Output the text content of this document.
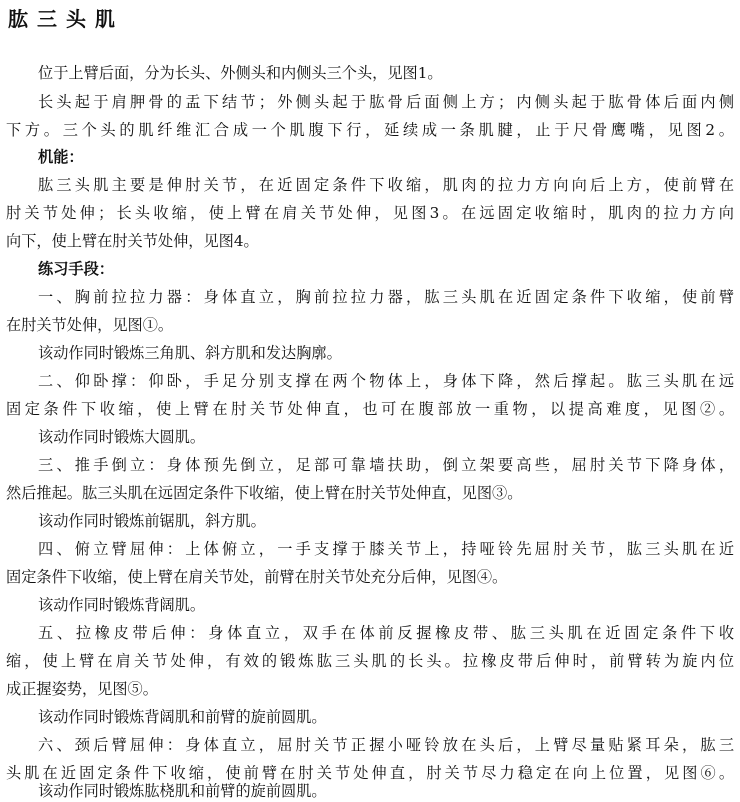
肱三头肌
位于上臂后面，分为长头、外侧头和内侧头三个头，见图1。
长头起于肩胛骨的盂下结节；外侧头起于肱骨后面侧上方；内侧头起于肱骨体后面内侧
下方。三个头的肌纤维汇合成一个肌腹下行，延续成一条肌腱，止于尺骨鹰嘴，见图2。
机能：
肱三头肌主要是伸肘关节，在近固定条件下收缩，肌肉的拉力方向向后上方，使前臂在
肘关节处伸；长头收缩，使上臂在肩关节处伸，见图3。在远固定收缩时，肌肉的拉力方向
向下，使上臂在肘关节处伸，见图4。
练习手段：
一、胸前拉拉力器：身体直立，胸前拉拉力器，肱三头肌在近固定条件下收缩，使前臂
在肘关节处伸，见图①。
该动作同时锻炼三角肌、斜方肌和发达胸廓。
二、仰卧撑：仰卧，手足分别支撑在两个物体上，身体下降，然后撑起。肱三头肌在远
固定条件下收缩，使上臂在肘关节处伸直，也可在腹部放一重物，以提高难度，见图②。
该动作同时锻炼大圆肌。
三、推手倒立：身体预先倒立，足部可靠墙扶助，倒立架要高些，屈肘关节下降身体，
然后推起。肱三头肌在远固定条件下收缩，使上臂在肘关节处伸直，见图③。
该动作同时锻炼前锯肌，斜方肌。
四、俯立臂屈伸：上体俯立，一手支撑于膝关节上，持哑铃先屈肘关节，肱三头肌在近
固定条件下收缩，使上臂在肩关节处，前臂在肘关节处充分后伸，见图④。
该动作同时锻炼背阔肌。
五、拉橡皮带后伸：身体直立，双手在体前反握橡皮带、肱三头肌在近固定条件下收
缩，使上臂在肩关节处伸，有效的锻炼肱三头肌的长头。拉橡皮带后伸时，前臂转为旋内位
成正握姿势，见图⑤。
该动作同时锻炼背阔肌和前臂的旋前圆肌。
六、颈后臂屈伸：身体直立，屈肘关节正握小哑铃放在头后，上臂尽量贴紧耳朵，肱三
头肌在近固定条件下收缩，使前臂在肘关节处伸直，肘关节尽力稳定在向上位置，见图⑥。
该动作同时锻炼肱桡肌和前臂的旋前圆肌。
